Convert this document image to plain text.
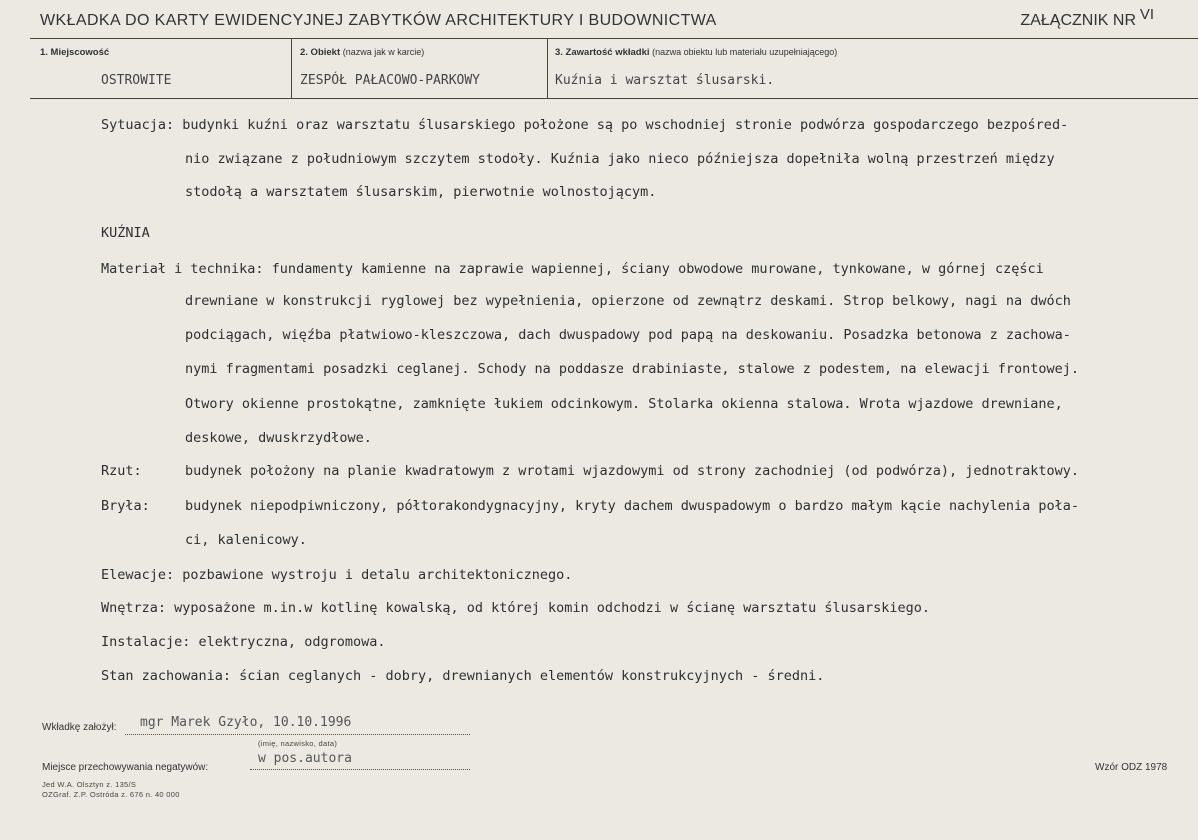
WKŁADKA DO KARTY EWIDENCYJNEJ ZABYTKÓW ARCHITEKTURY I BUDOWNICTWA	ZAŁĄCZNIK NR VI
1. Miejscowość	2. Obiekt (nazwa jak w karcie)	3. Zawartość wkładki (nazwa obiektu lub materiału uzupełniającego)
OSTROWITE	ZESPÓŁ PAŁACOWO-PARKOWY	Kuźnia i warsztat ślusarski.
Sytuacja: budynki kuźni oraz warsztatu ślusarskiego położone są po wschodniej stronie podwórza gospodarczego bezpośred-
nio związane z południowym szczytem stodoły. Kuźnia jako nieco późniejsza dopełniła wolną przestrzeń między
stodołą a warsztatem ślusarskim, pierwotnie wolnostojącym.
KUŹNIA
Materiał i technika: fundamenty kamienne na zaprawie wapiennej, ściany obwodowe murowane, tynkowane, w górnej części
drewniane w konstrukcji ryglowej bez wypełnienia, opierzone od zewnątrz deskami. Strop belkowy, nagi na dwóch
podciągach, więźba płatwiowo-kleszczowa, dach dwuspadowy pod papą na deskowaniu. Posadzka betonowa z zachowa-
nymi fragmentami posadzki ceglanej. Schody na poddasze drabiniaste, stalowe z podestem, na elewacji frontowej.
Otwory okienne prostokątne, zamknięte łukiem odcinkowym. Stolarka okienna stalowa. Wrota wjazdowe drewniane,
deskowe, dwuskrzydłowe.
Rzut:	budynek położony na planie kwadratowym z wrotami wjazdowymi od strony zachodniej (od podwórza), jednotraktowy.
Bryła:	budynek niepodpiwniczony, półtorakondygnacyjny, kryty dachem dwuspadowym o bardzo małym kącie nachylenia poła-
ci, kalenicowy.
Elewacje: pozbawione wystroju i detalu architektonicznego.
Wnętrza: wyposażone m.in.w kotlinę kowalską, od której komin odchodzi w ścianę warsztatu ślusarskiego.
Instalacje: elektryczna, odgromowa.
Stan zachowania: ścian ceglanych - dobry, drewnianych elementów konstrukcyjnych - średni.
Wkładkę założył: mgr Marek Gzyło, 10.10.1996
(imię, nazwisko, data)
Miejsce przechowywania negatywów:
w pos.autora
Jed W.A. Olsztyn z. 135/S
OZGraf. Z.P. Ostróda z. 676 n. 40 000
Wzór ODZ 1978
